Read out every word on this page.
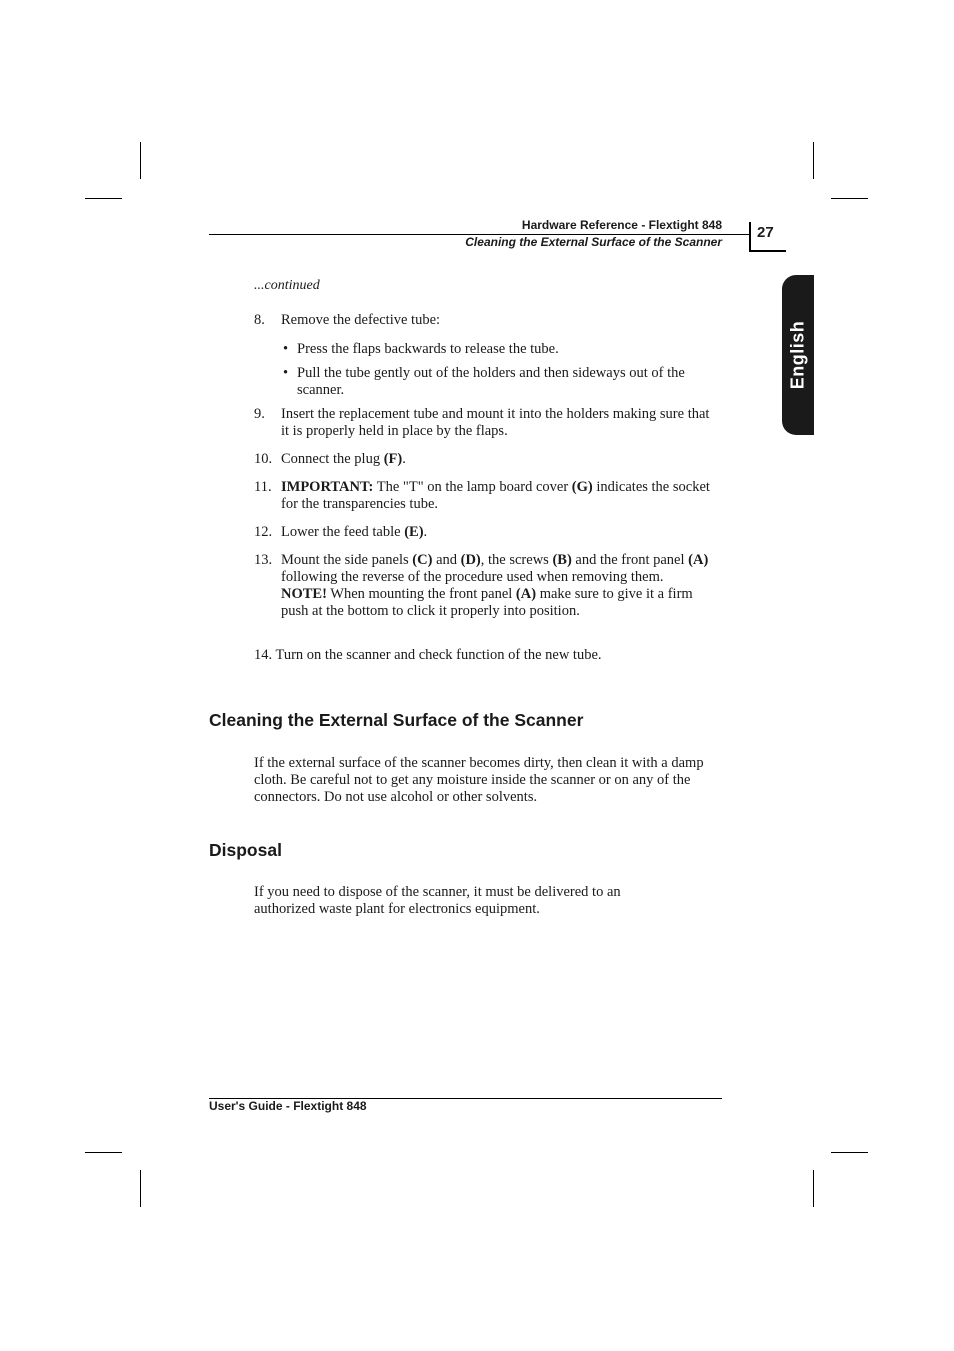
Hardware Reference - Flextight 848
Cleaning the External Surface of the Scanner
27
English
...continued
8. Remove the defective tube:
• Press the flaps backwards to release the tube.
• Pull the tube gently out of the holders and then sideways out of the scanner.
9. Insert the replacement tube and mount it into the holders making sure that it is properly held in place by the flaps.
10. Connect the plug (F).
11. IMPORTANT: The "T" on the lamp board cover (G) indicates the socket for the transparencies tube.
12. Lower the feed table (E).
13. Mount the side panels (C) and (D), the screws (B) and the front panel (A) following the reverse of the procedure used when removing them.
NOTE! When mounting the front panel (A) make sure to give it a firm push at the bottom to click it properly into position.
14. Turn on the scanner and check function of the new tube.
Cleaning the External Surface of the Scanner
If the external surface of the scanner becomes dirty, then clean it with a damp cloth. Be careful not to get any moisture inside the scanner or on any of the connectors. Do not use alcohol or other solvents.
Disposal
If you need to dispose of the scanner, it must be delivered to an authorized waste plant for electronics equipment.
User's Guide - Flextight 848
